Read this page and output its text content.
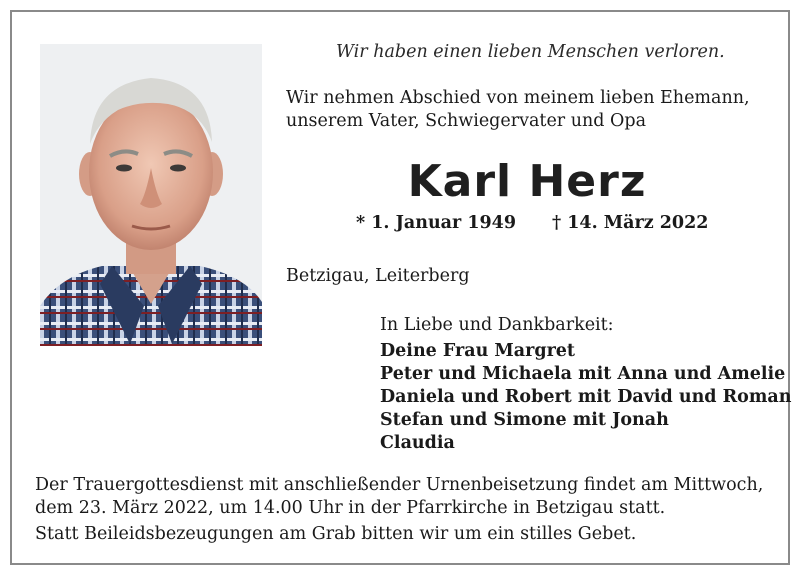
Wir haben einen lieben Menschen verloren.
Wir nehmen Abschied von meinem lieben Ehemann,
unserem Vater, Schwiegervater und Opa
Karl Herz
* 1. Januar 1949 † 14. März 2022
Betzigau, Leiterberg
In Liebe und Dankbarkeit:
Deine Frau Margret
Peter und Michaela mit Anna und Amelie
Daniela und Robert mit David und Roman
Stefan und Simone mit Jonah
Claudia
Der Trauergottesdienst mit anschließender Urnenbeisetzung findet am Mittwoch,
dem 23. März 2022, um 14.00 Uhr in der Pfarrkirche in Betzigau statt.
Statt Beileidsbezeugungen am Grab bitten wir um ein stilles Gebet.
